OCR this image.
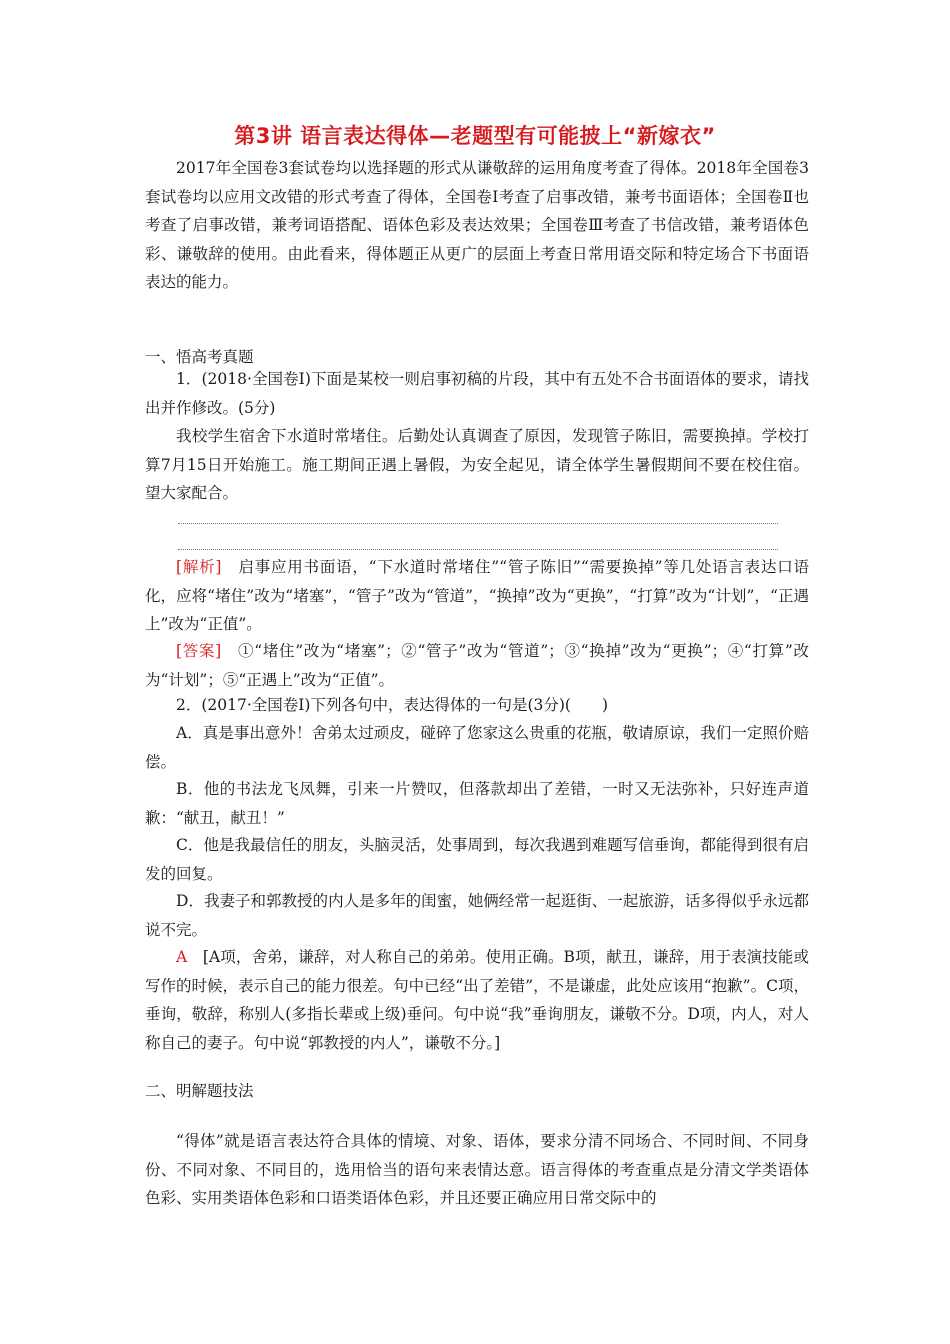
第3讲 语言表达得体—老题型有可能披上“新嫁衣”
2017年全国卷3套试卷均以选择题的形式从谦敬辞的运用角度考查了得体。2018年全国卷3套试卷均以应用文改错的形式考查了得体，全国卷Ⅰ考查了启事改错，兼考书面语体；全国卷Ⅱ也考查了启事改错，兼考词语搭配、语体色彩及表达效果；全国卷Ⅲ考查了书信改错，兼考语体色彩、谦敬辞的使用。由此看来，得体题正从更广的层面上考查日常用语交际和特定场合下书面语表达的能力。
一、悟高考真题
1．(2018·全国卷Ⅰ)下面是某校一则启事初稿的片段，其中有五处不合书面语体的要求，请找出并作修改。(5分)
我校学生宿舍下水道时常堵住。后勤处认真调查了原因，发现管子陈旧，需要换掉。学校打算7月15日开始施工。施工期间正遇上暑假，为安全起见，请全体学生暑假期间不要在校住宿。望大家配合。
[解析]　启事应用书面语，“下水道时常堵住”“管子陈旧”“需要换掉”等几处语言表达口语化，应将“堵住”改为“堵塞”，“管子”改为“管道”，“换掉”改为“更换”，“打算”改为“计划”，“正遇上”改为“正值”。
[答案]　①“堵住”改为“堵塞”；②“管子”改为“管道”；③“换掉”改为“更换”；④“打算”改为“计划”；⑤“正遇上”改为“正值”。
2．(2017·全国卷Ⅰ)下列各句中，表达得体的一句是(3分)(　　)
A．真是事出意外！舍弟太过顽皮，碰碎了您家这么贵重的花瓶，敬请原谅，我们一定照价赔偿。
B．他的书法龙飞凤舞，引来一片赞叹，但落款却出了差错，一时又无法弥补，只好连声道歉：“献丑，献丑！”
C．他是我最信任的朋友，头脑灵活，处事周到，每次我遇到难题写信垂询，都能得到很有启发的回复。
D．我妻子和郭教授的内人是多年的闺蜜，她俩经常一起逛街、一起旅游，话多得似乎永远都说不完。
A　[A项，舍弟，谦辞，对人称自己的弟弟。使用正确。B项，献丑，谦辞，用于表演技能或写作的时候，表示自己的能力很差。句中已经“出了差错”，不是谦虚，此处应该用“抱歉”。C项，垂询，敬辞，称别人(多指长辈或上级)垂问。句中说“我”垂询朋友，谦敬不分。D项，内人，对人称自己的妻子。句中说“郭教授的内人”，谦敬不分。]
二、明解题技法
“得体”就是语言表达符合具体的情境、对象、语体，要求分清不同场合、不同时间、不同身份、不同对象、不同目的，选用恰当的语句来表情达意。语言得体的考查重点是分清文学类语体色彩、实用类语体色彩和口语类语体色彩，并且还要正确应用日常交际中的
